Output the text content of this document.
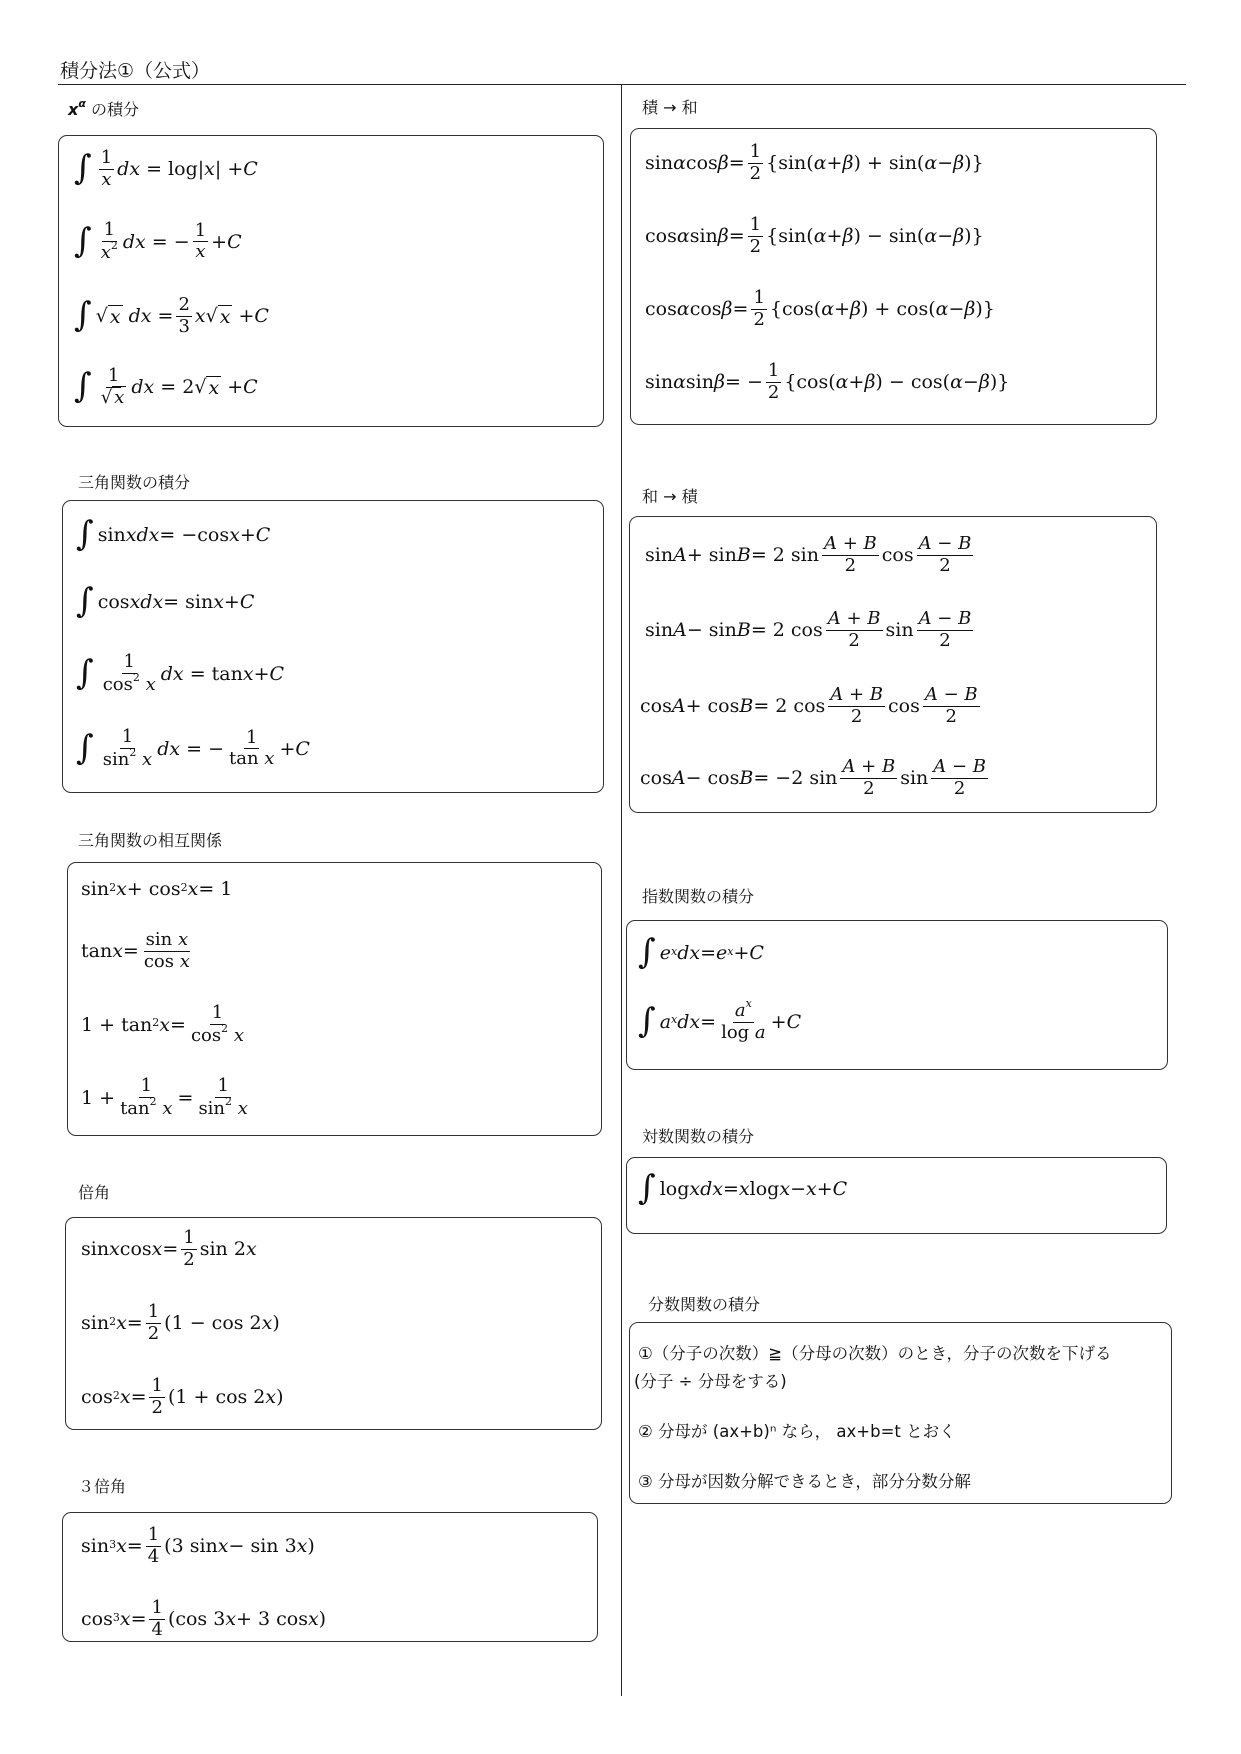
積分法①（公式）
$x^\alpha$ の積分
∫ 1
x dx = log| x | + C
∫ 1
$x^2$ dx = −
1
x + C
∫ √ x
dx =
2
3 x √ x + C
∫ 1
√ x dx = 2√ x + C
三角関数の積分
∫ sin x dx = −cos x + C
∫ cos x dx = sin x + C
∫ 1
$\cos^2 x$ dx = tan x + C
∫ 1
$\sin^2 x$ dx = −
1
tan x + C
三角関数の相互関係
$\sin^2 x + \cos^2 x = 1$
tan x =
sin x
cos x
$1 + \tan^2 x$ =
1
$\cos^2 x$
1 +
1
$\tan^2 x$ =
1
$\sin^2 x$
倍角
sin x cos x =
1
2 sin 2 x
$\sin^2 x$ =
1
2 (1 − cos 2 x )
$\cos^2 x$ =
1
2 (1 + cos 2 x )
３倍角
$\sin^3 x$ =
1
4 (3 sin x − sin 3 x )
$\cos^3 x$ =
1
4 (cos 3 x + 3 cos x )
積 → 和
sin α cos β =
1
2 {sin( α + β ) + sin( α − β )}
cos α sin β =
1
2 {sin( α + β ) − sin( α − β )}
cos α cos β =
1
2 {cos( α + β ) + cos( α − β )}
sin α sin β = −
1
2 {cos( α + β ) − cos( α − β )}
和 → 積
sin A + sin B = 2 sin
A + B
2 cos
A − B
2
sin A − sin B = 2 cos
A + B
2 sin
A − B
2
cos A + cos B = 2 cos
A + B
2 cos
A − B
2
cos A − cos B = −2 sin
A + B
2 sin
A − B
2
指数関数の積分
∫ e $^x$ dx = e $^x$ + C
∫ a $^x$ dx =
$a^x$
log a + C
対数関数の積分
∫ log x dx = x log x − x + C
分数関数の積分
①（分子の次数）≧（分母の次数）のとき，分子の次数を下げる
(分子 ÷ 分母をする)
② 分母が (ax+b)ⁿ なら， ax+b=t とおく
③ 分母が因数分解できるとき，部分分数分解
